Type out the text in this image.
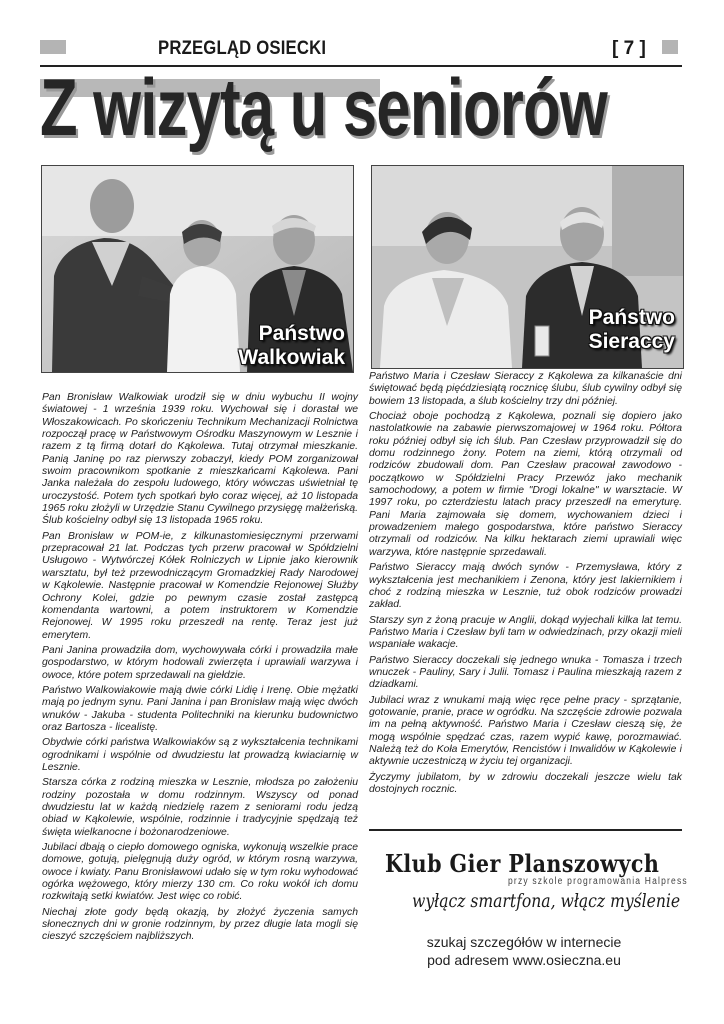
PRZEGLĄD OSIECKI	[ 7 ]
Z wizytą u seniorów
Państwo
Walkowiak
Państwo
Sieraccy

Pan Bronisław Walkowiak urodził się w dniu wybuchu II wojny światowej - 1 września 1939 roku. Wychował się i dorastał we Włoszakowicach. Po skończeniu Technikum Mechanizacji Rolnictwa rozpoczął pracę w Państwowym Ośrodku Maszynowym w Lesznie i razem z tą firmą dotarł do Kąkolewa. Tutaj otrzymał mieszkanie. Panią Janinę po raz pierwszy zobaczył, kiedy POM zorganizował swoim pracownikom spotkanie z mieszkańcami Kąkolewa. Pani Janka należała do zespołu ludowego, który wówczas uświetniał tę uroczystość. Potem tych spotkań było coraz więcej, aż 10 listopada 1965 roku złożyli w Urzędzie Stanu Cywilnego przysięgę małżeńską. Ślub kościelny odbył się 13 listopada 1965 roku.

Pan Bronisław w POM-ie, z kilkunastomiesięcznymi przerwami przepracował 21 lat. Podczas tych przerw pracował w Spółdzielni Usługowo - Wytwórczej Kółek Rolniczych w Lipnie jako kierownik warsztatu, był też przewodniczącym Gromadzkiej Rady Narodowej w Kąkolewie. Następnie pracował w Komendzie Rejonowej Służby Ochrony Kolei, gdzie po pewnym czasie został zastępcą komendanta wartowni, a potem instruktorem w Komendzie Rejonowej. W 1995 roku przeszedł na rentę. Teraz jest już emerytem.

Pani Janina prowadziła dom, wychowywała córki i prowadziła małe gospodarstwo, w którym hodowali zwierzęta i uprawiali warzywa i owoce, które potem sprzedawali na giełdzie.

Państwo Walkowiakowie mają dwie córki Lidię i Irenę. Obie mężatki mają po jednym synu. Pani Janina i pan Bronisław mają więc dwóch wnuków - Jakuba - studenta Politechniki na kierunku budownictwo oraz Bartosza - licealistę.

Obydwie córki państwa Walkowiaków są z wykształcenia technikami ogrodnikami i wspólnie od dwudziestu lat prowadzą kwiaciarnię w Lesznie.

Starsza córka z rodziną mieszka w Lesznie, młodsza po założeniu rodziny pozostała w domu rodzinnym. Wszyscy od ponad dwudziestu lat w każdą niedzielę razem z seniorami rodu jedzą obiad w Kąkolewie, wspólnie, rodzinnie i tradycyjnie spędzają też święta wielkanocne i bożonarodzeniowe.

Jubilaci dbają o ciepło domowego ogniska, wykonują wszelkie prace domowe, gotują, pielęgnują duży ogród, w którym rosną warzywa, owoce i kwiaty. Panu Bronisławowi udało się w tym roku wyhodować ogórka wężowego, który mierzy 130 cm. Co roku wokół ich domu rozkwitają setki kwiatów. Jest więc co robić.

Niechaj złote gody będą okazją, by złożyć życzenia samych słonecznych dni w gronie rodzinnym, by przez długie lata mogli się cieszyć szczęściem najbliższych.

Państwo Maria i Czesław Sieraccy z Kąkolewa za kilkanaście dni świętować będą pięćdziesiątą rocznicę ślubu, ślub cywilny odbył się bowiem 13 listopada, a ślub kościelny trzy dni później.

Chociaż oboje pochodzą z Kąkolewa, poznali się dopiero jako nastolatkowie na zabawie pierwszomajowej w 1964 roku. Półtora roku później odbył się ich ślub. Pan Czesław przyprowadził się do domu rodzinnego żony. Potem na ziemi, którą otrzymali od rodziców zbudowali dom. Pan Czesław pracował zawodowo - początkowo w Spółdzielni Pracy Przewóz jako mechanik samochodowy, a potem w firmie "Drogi lokalne" w warsztacie. W 1997 roku, po czterdziestu latach pracy przeszedł na emeryturę. Pani Maria zajmowała się domem, wychowaniem dzieci i prowadzeniem małego gospodarstwa, które państwo Sieraccy otrzymali od rodziców. Na kilku hektarach ziemi uprawiali więc warzywa, które następnie sprzedawali.

Państwo Sieraccy mają dwóch synów - Przemysława, który z wykształcenia jest mechanikiem i Zenona, który jest lakiernikiem i choć z rodziną mieszka w Lesznie, tuż obok rodziców prowadzi zakład.

Starszy syn z żoną pracuje w Anglii, dokąd wyjechali kilka lat temu. Państwo Maria i Czesław byli tam w odwiedzinach, przy okazji mieli wspaniałe wakacje.

Państwo Sieraccy doczekali się jednego wnuka - Tomasza i trzech wnuczek - Pauliny, Sary i Julii. Tomasz i Paulina mieszkają razem z dziadkami.

Jubilaci wraz z wnukami mają więc ręce pełne pracy - sprzątanie, gotowanie, pranie, prace w ogródku. Na szczęście zdrowie pozwala im na pełną aktywność. Państwo Maria i Czesław cieszą się, że mogą wspólnie spędzać czas, razem wypić kawę, porozmawiać. Należą też do Koła Emerytów, Rencistów i Inwalidów w Kąkolewie i aktywnie uczestniczą w życiu tej organizacji.

Życzymy jubilatom, by w zdrowiu doczekali jeszcze wielu tak dostojnych rocznic.

Klub Gier Planszowych
przy szkole programowania Halpress
wyłącz smartfona, włącz myślenie
szukaj szczegółów w internecie
pod adresem www.osieczna.eu
